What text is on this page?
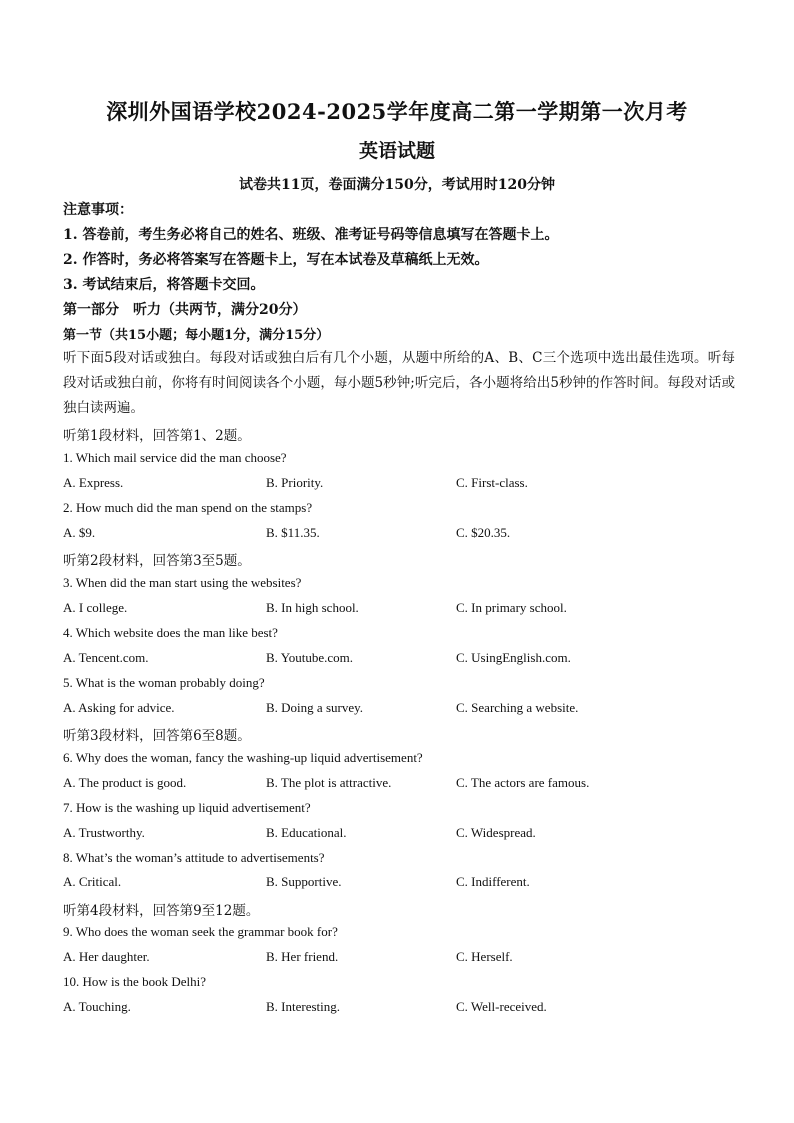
深圳外国语学校2024-2025学年度高二第一学期第一次月考
英语试题
试卷共11页，卷面满分150分，考试用时120分钟
注意事项：
1. 答卷前，考生务必将自己的姓名、班级、准考证号码等信息填写在答题卡上。
2. 作答时，务必将答案写在答题卡上，写在本试卷及草稿纸上无效。
3. 考试结束后，将答题卡交回。
第一部分　听力（共两节，满分20分）
第一节（共15小题；每小题1分，满分15分）
听下面5段对话或独白。每段对话或独白后有几个小题，从题中所给的A、B、C三个选项中选出最佳选项。听每段对话或独白前，你将有时间阅读各个小题，每小题5秒钟;听完后，各小题将给出5秒钟的作答时间。每段对话或独白读两遍。
听第1段材料，回答第1、2题。
1. Which mail service did the man choose?
A. Express.	B. Priority.	C. First-class.
2. How much did the man spend on the stamps?
A. $9.	B. $11.35.	C. $20.35.
听第2段材料，回答第3至5题。
3. When did the man start using the websites?
A. I college.	B. In high school.	C. In primary school.
4. Which website does the man like best?
A. Tencent.com.	B. Youtube.com.	C. UsingEnglish.com.
5. What is the woman probably doing?
A. Asking for advice.	B. Doing a survey.	C. Searching a website.
听第3段材料，回答第6至8题。
6. Why does the woman, fancy the washing-up liquid advertisement?
A. The product is good.	B. The plot is attractive.	C. The actors are famous.
7. How is the washing up liquid advertisement?
A. Trustworthy.	B. Educational.	C. Widespread.
8. What’s the woman’s attitude to advertisements?
A. Critical.	B. Supportive.	C. Indifferent.
听第4段材料，回答第9至12题。
9. Who does the woman seek the grammar book for?
A. Her daughter.	B. Her friend.	C. Herself.
10. How is the book Delhi?
A. Touching.	B. Interesting.	C. Well-received.
